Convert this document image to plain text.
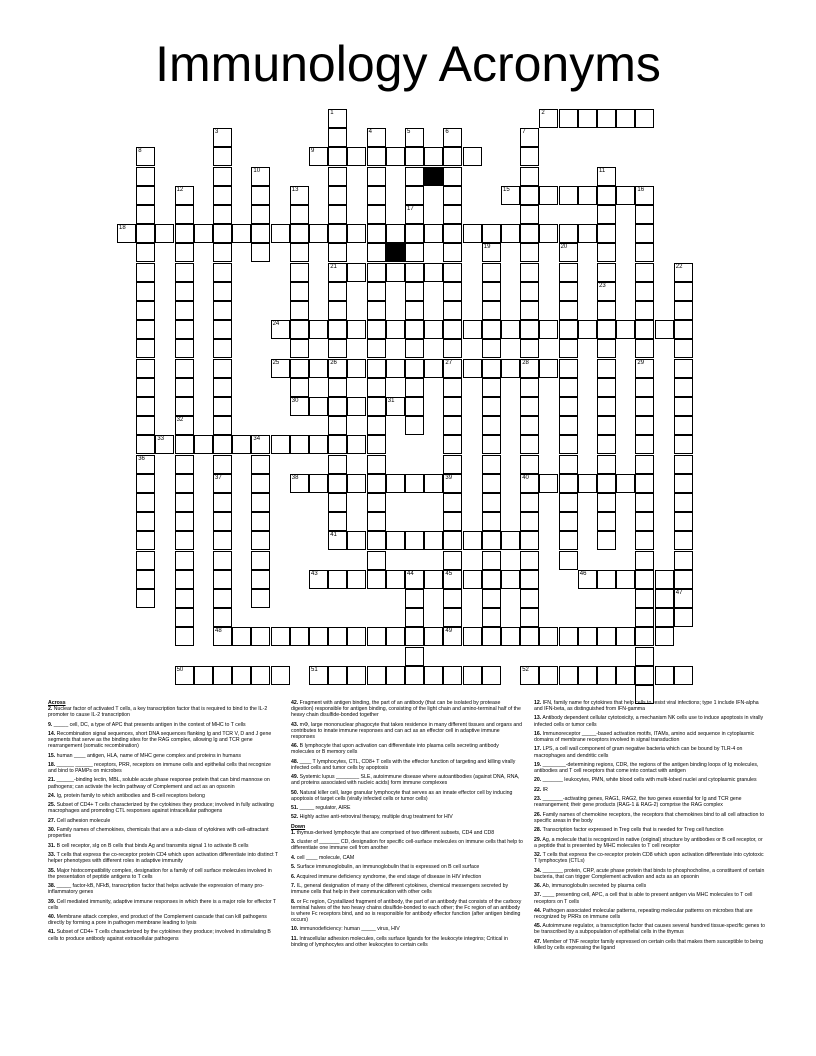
Immunology Acronyms
2
9
15	16
18
21
24
25	26	27	28
30	31
33	34
38	40
41
43	44	45	46
48	49
50	51	52
1
3
37
4	5
17
6
39
7
8
36
10	11
23
12
32
13
29
19	20
22
47
Across
2. Nuclear factor of activated T cells, a key transcription factor that is required to bind to the IL-2 promoter to cause IL-2 transcription
9. _____ cell, DC, a type of APC that presents antigen in the context of MHC to T cells
14. Recombination signal sequences, short DNA sequences flanking Ig and TCR V, D and J gene segments that serve as the binding sites for the RAG complex, allowing Ig and TCR gene rearrangement (somatic recombination)
15. human ____ antigen, HLA, name of MHC gene complex and proteins in humans
18. ______ ______ receptors, PRR, receptors on immune cells and epithelial cells that recognize and bind to PAMPs on microbes
21. ______-binding lectin, MBL, soluble acute phase response protein that can bind mannose on pathogens; can activate the lectin pathway of Complement and act as an opsonin
24. Ig, protein family to which antibodies and B-cell receptors belong
25. Subset of CD4+ T cells characterized by the cytokines they produce; involved in fully activating macrophages and promoting CTL responses against intracellular pathogens
27. Cell adhesion molecule
30. Family names of chemokines, chemicals that are a sub-class of cytokines with cell-attractant properties
31. B cell receptor, sIg on B cells that binds Ag and transmits signal 1 to activate B cells
33. T cells that express the co-receptor protein CD4 which upon activation differentiate into distinct T helper phenotypes with different roles in adaptive immunity
35. Major histocompatibility complex, designation for a family of cell surface molecules involved in the presentation of peptide antigens to T cells
38. _____ factor-kB, NFkB, transcription factor that helps activate the expression of many pro-inflammatory genes
39. Cell mediated immunity, adaptive immune responses in which there is a major role for effector T cells
40. Membrane attack complex, end product of the Complement cascade that can kill pathogens directly by forming a pore in pathogen membrane leading to lysis
41. Subset of CD4+ T cells characterized by the cytokines they produce; involved in stimulating B cells to produce antibody against extracellular pathogens
42. Fragment with antigen binding, the part of an antibody (that can be isolated by protease digestion) responsible for antigen binding, consisting of the light chain and amino-terminal half of the heavy chain disulfide-bonded together
43. mΦ, large mononuclear phagocyte that takes residence in many different tissues and organs and contributes to innate immune responses and can act as an effector cell in adaptive immune responses
46. B lymphocyte that upon activation can differentiate into plasma cells secreting antibody molecules or B memory cells
48. ____ T lymphocytes, CTL, CD8+ T cells with the effector function of targeting and killing virally infected cells and tumor cells by apoptosis
49. Systemic lupus ________ SLE, autoimmune disease where autoantibodies (against DNA, RNA, and proteins associated with nucleic acids) form immune complexes
50. Natural killer cell, large granular lymphocyte that serves as an innate effector cell by inducing apoptosis of target cells (virally infected cells or tumor cells)
51. _____ regulator, AIRE
52. Highly active anti-retroviral therapy, multiple drug treatment for HIV
Down
1. thymus-derived lymphocyte that are comprised of two different subsets, CD4 and CD8
3. cluster of _______ CD, designation for specific cell-surface molecules on immune cells that help to differentiate one immune cell from another
4. cell ____ molecule, CAM
5. Surface immunoglobulin, an immunoglobulin that is expressed on B cell surface
6. Acquired immune deficiency syndrome, the end stage of disease in HIV infection
7. IL, general designation of many of the different cytokines, chemical messengers secreted by immune cells that help in their communication with other cells
8. or Fc region, Crystallized fragment of antibody, the part of an antibody that consists of the carboxy terminal halves of the two heavy chains disulfide-bonded to each other; the Fc region of an antibody is where Fc receptors bind, and so is responsible for antibody effector function (after antigen binding occurs)
10. immunodeficiency: human _____ virus, HIV
11. Intracellular adhesion molecules, cells surface ligands for the leukocyte integrins; Critical in binding of lymphocytes and other leukocytes to certain cells
12. IFN, family name for cytokines that help cells to resist viral infections; type 1 include IFN-alpha and IFN-beta, as distinguished from IFN-gamma
13. Antibody dependent cellular cytotoxicity, a mechanism NK cells use to induce apoptosis in virally infected cells or tumor cells
16. Immunoreceptor _____-based activation motifs, ITAMs, amino acid sequence in cytoplasmic domains of membrane receptors involved in signal transduction
17. LPS, a cell wall component of gram negative bacteria which can be bound by TLR-4 on macrophages and dendritic cells
19. ________-determining regions, CDR, the regions of the antigen binding loops of Ig molecules, antibodies and T cell receptors that come into contact with antigen
20. _______ leukocytes, PMN, white blood cells with multi-lobed nuclei and cytoplasmic granules
22. IR
23. _______-activating genes, RAG1, RAG2, the two genes essential for Ig and TCR gene rearrangement; their gene products (RAG-1 & RAG-2) comprise the RAG complex
26. Family names of chemokine receptors, the receptors that chemokines bind to all cell attraction to specific areas in the body
28. Transcription factor expressed in Treg cells that is needed for Treg cell function
29. Ag, a molecule that is recognized in native (original) structure by antibodies or B cell receptor, or a peptide that is presented by MHC molecules to T cell receptor
32. T cells that express the co-receptor protein CD8 which upon activation differentiate into cytotoxic T lymphocytes (CTLs)
34. _______ protein, CRP, acute phase protein that binds to phosphocholine, a constituent of certain bacteria, that can trigger Complement activation and acts as an opsonin
36. Ab, immunoglobulin secreted by plasma cells
37. ____ presenting cell, APC, a cell that is able to present antigen via MHC molecules to T cell receptors on T cells
44. Pathogen associated molecular patterns, repeating molecular patterns on microbes that are recognized by PRRs on immune cells
45. Autoimmune regulator, a transcription factor that causes several hundred tissue-specific genes to be transcribed by a subpopulation of epithelial cells in the thymus
47. Member of TNF receptor family expressed on certain cells that makes them susceptible to being killed by cells expressing the ligand
